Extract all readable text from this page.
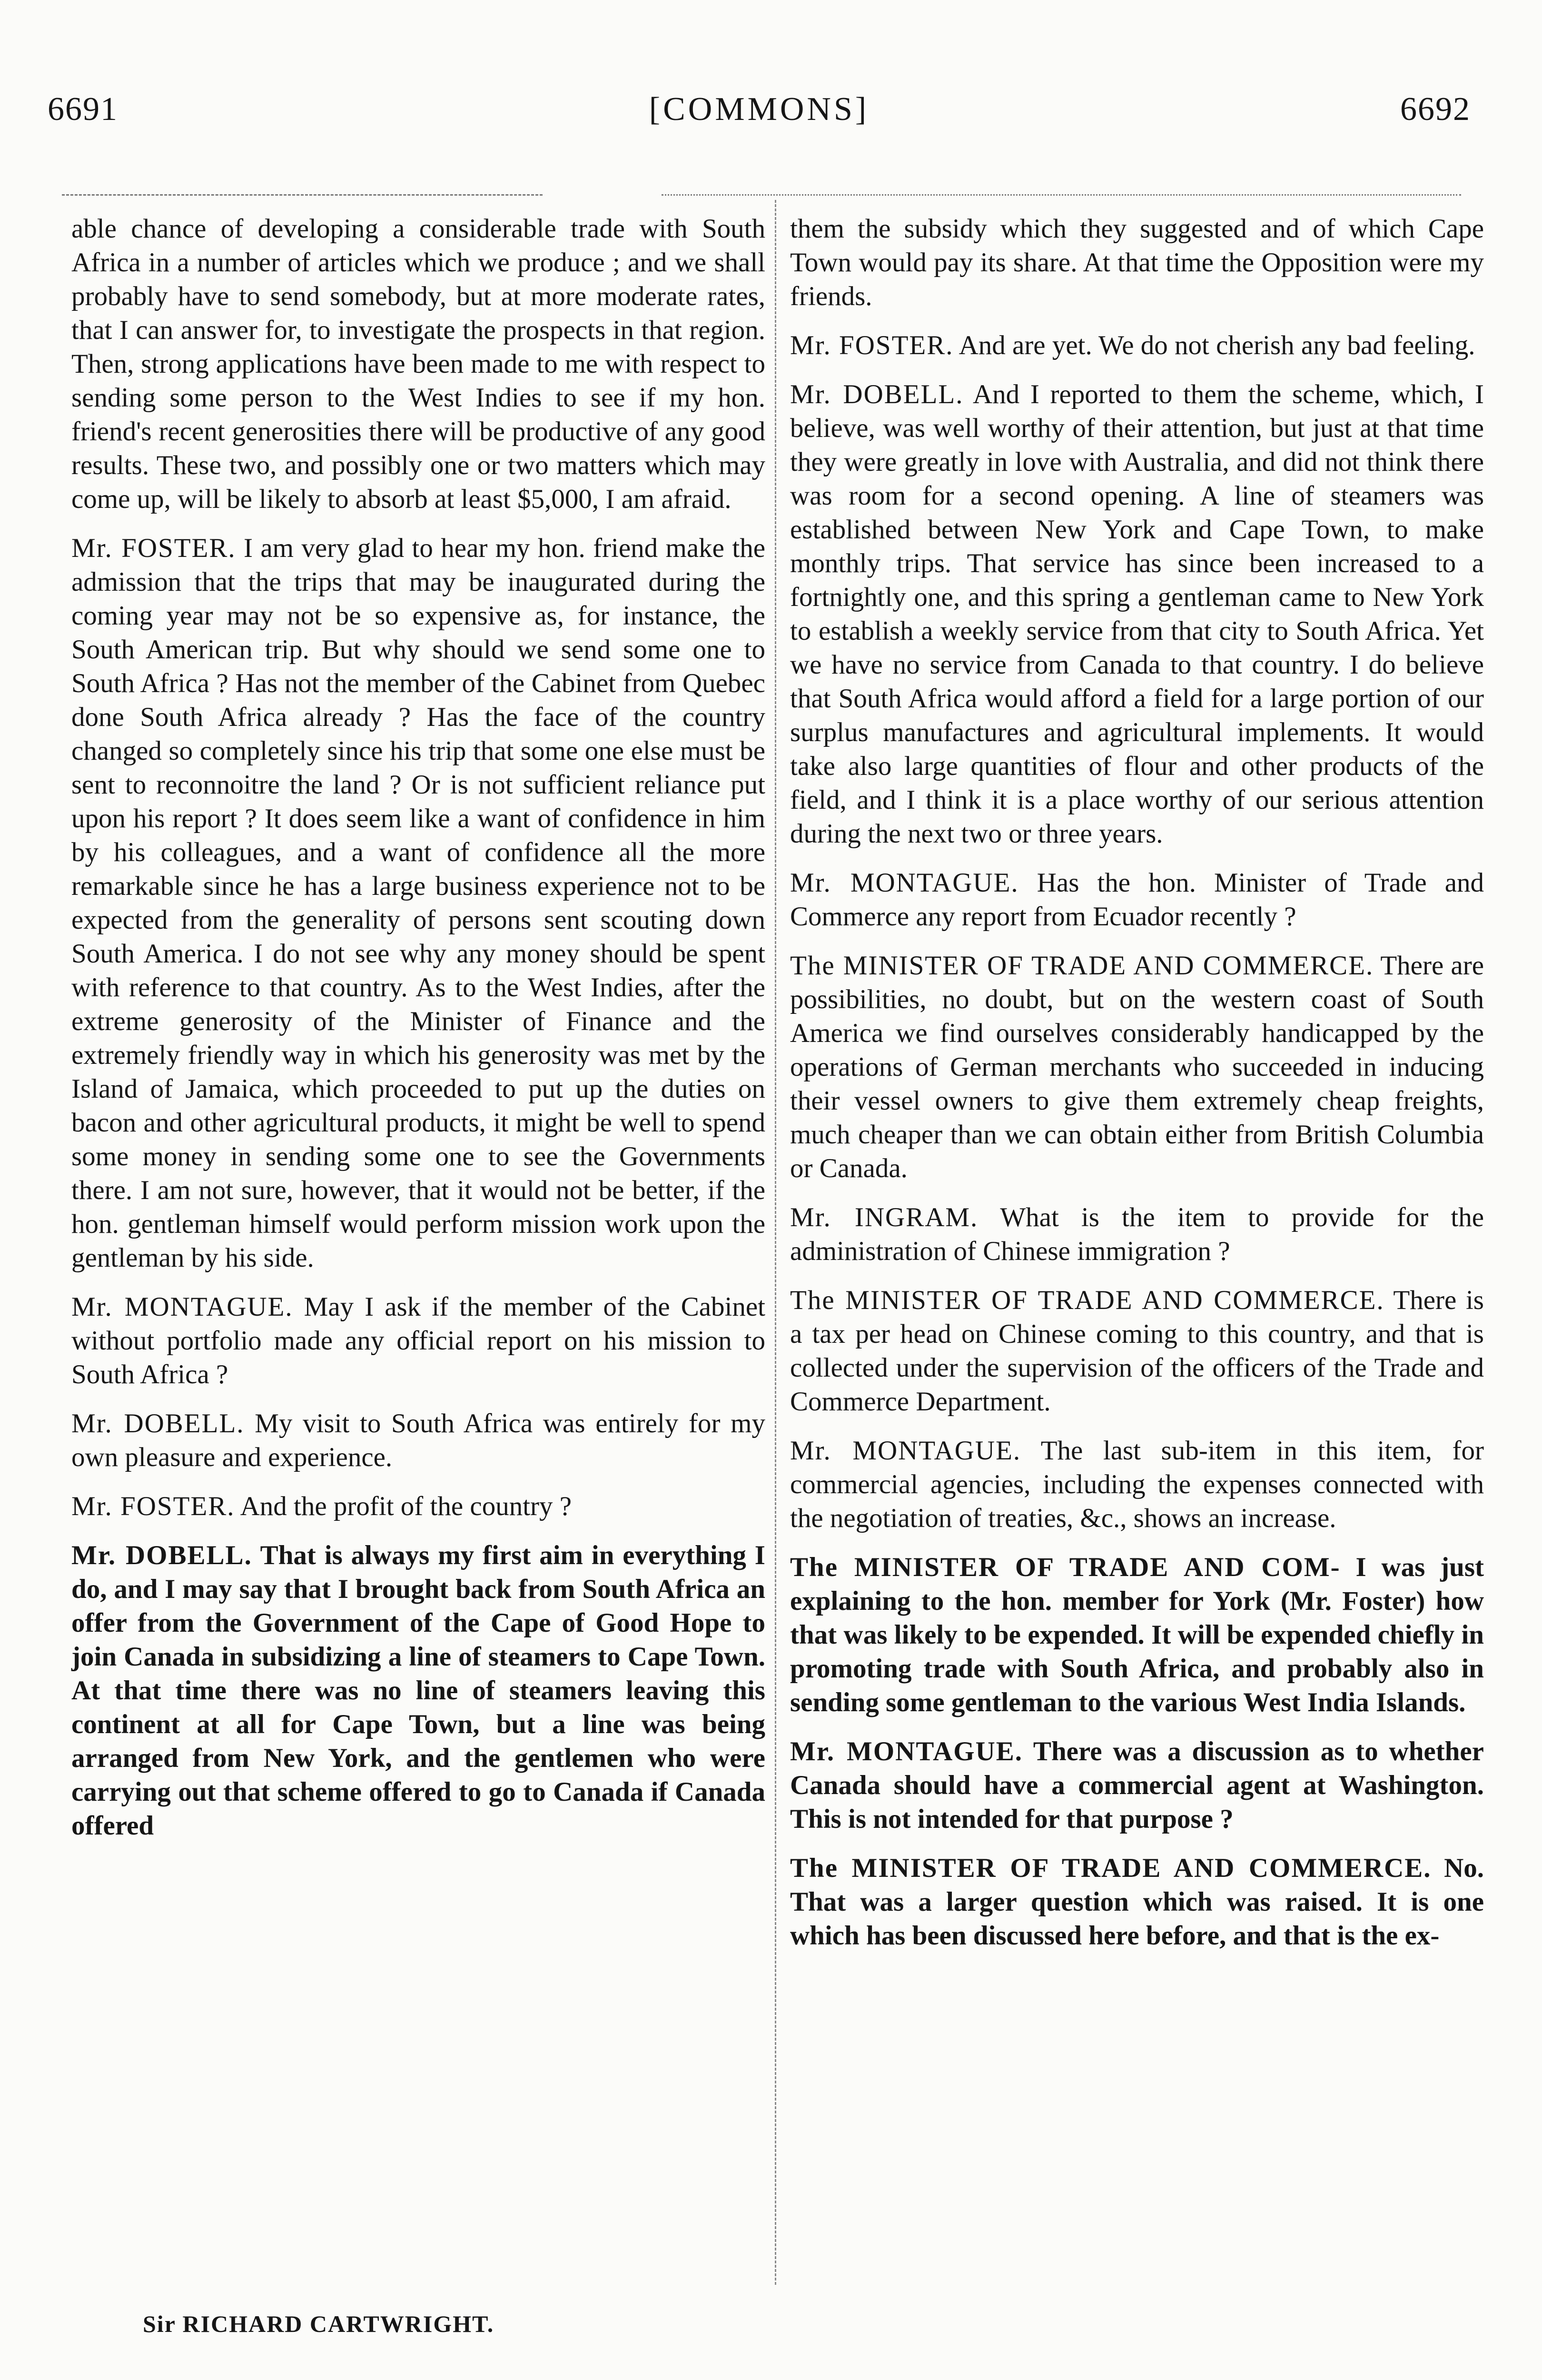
6691	[COMMONS]	6692

able chance of developing a considerable trade with South Africa in a number of articles which we produce ; and we shall probably have to send somebody, but at more moderate rates, that I can answer for, to investigate the prospects in that region. Then, strong applications have been made to me with respect to sending some person to the West Indies to see if my hon. friend's recent generosities there will be productive of any good results. These two, and possibly one or two matters which may come up, will be likely to absorb at least $5,000, I am afraid.

Mr. FOSTER. I am very glad to hear my hon. friend make the admission that the trips that may be inaugurated during the coming year may not be so expensive as, for instance, the South American trip. But why should we send some one to South Africa ? Has not the member of the Cabinet from Quebec done South Africa already ? Has the face of the country changed so completely since his trip that some one else must be sent to reconnoitre the land ? Or is not sufficient reliance put upon his report ? It does seem like a want of confidence in him by his colleagues, and a want of confidence all the more remarkable since he has a large business experience not to be expected from the generality of persons sent scouting down South America. I do not see why any money should be spent with reference to that country. As to the West Indies, after the extreme generosity of the Minister of Finance and the extremely friendly way in which his generosity was met by the Island of Jamaica, which proceeded to put up the duties on bacon and other agricultural products, it might be well to spend some money in sending some one to see the Governments there. I am not sure, however, that it would not be better, if the hon. gentleman himself would perform mission work upon the gentleman by his side.

Mr. MONTAGUE. May I ask if the member of the Cabinet without portfolio made any official report on his mission to South Africa ?

Mr. DOBELL. My visit to South Africa was entirely for my own pleasure and experience.

Mr. FOSTER. And the profit of the country ?

Mr. DOBELL. That is always my first aim in everything I do, and I may say that I brought back from South Africa an offer from the Government of the Cape of Good Hope to join Canada in subsidizing a line of steamers to Cape Town. At that time there was no line of steamers leaving this continent at all for Cape Town, but a line was being arranged from New York, and the gentlemen who were carrying out that scheme offered to go to Canada if Canada offered

them the subsidy which they suggested and of which Cape Town would pay its share. At that time the Opposition were my friends.

Mr. FOSTER. And are yet. We do not cherish any bad feeling.

Mr. DOBELL. And I reported to them the scheme, which, I believe, was well worthy of their attention, but just at that time they were greatly in love with Australia, and did not think there was room for a second opening. A line of steamers was established between New York and Cape Town, to make monthly trips. That service has since been increased to a fortnightly one, and this spring a gentleman came to New York to establish a weekly service from that city to South Africa. Yet we have no service from Canada to that country. I do believe that South Africa would afford a field for a large portion of our surplus manufactures and agricultural implements. It would take also large quantities of flour and other products of the field, and I think it is a place worthy of our serious attention during the next two or three years.

Mr. MONTAGUE. Has the hon. Minister of Trade and Commerce any report from Ecuador recently ?

The MINISTER OF TRADE AND COMMERCE. There are possibilities, no doubt, but on the western coast of South America we find ourselves considerably handicapped by the operations of German merchants who succeeded in inducing their vessel owners to give them extremely cheap freights, much cheaper than we can obtain either from British Columbia or Canada.

Mr. INGRAM. What is the item to provide for the administration of Chinese immigration ?

The MINISTER OF TRADE AND COMMERCE. There is a tax per head on Chinese coming to this country, and that is collected under the supervision of the officers of the Trade and Commerce Department.

Mr. MONTAGUE. The last sub-item in this item, for commercial agencies, including the expenses connected with the negotiation of treaties, &c., shows an increase.

The MINISTER OF TRADE AND COM- I was just explaining to the hon. member for York (Mr. Foster) how that was likely to be expended. It will be expended chiefly in promoting trade with South Africa, and probably also in sending some gentleman to the various West India Islands.

Mr. MONTAGUE. There was a discussion as to whether Canada should have a commercial agent at Washington. This is not intended for that purpose ?

The MINISTER OF TRADE AND COMMERCE. No. That was a larger question which was raised. It is one which has been discussed here before, and that is the ex-

Sir RICHARD CARTWRIGHT.
